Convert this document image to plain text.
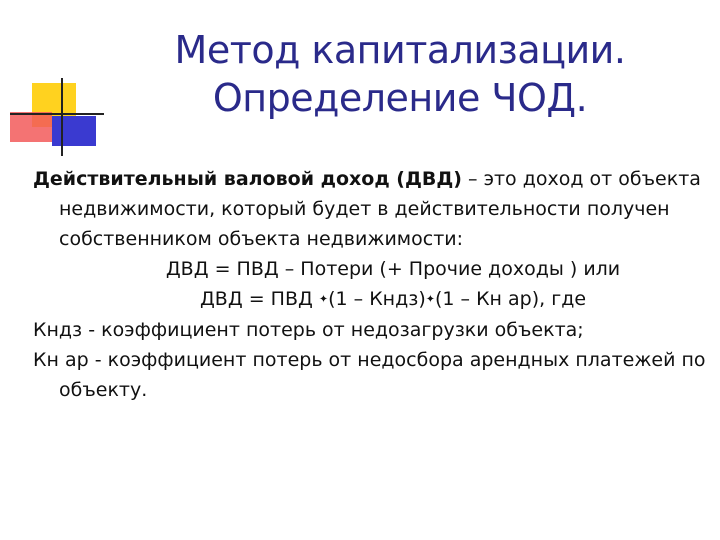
Метод капитализации.
Определение ЧОД.
Действительный валовой доход (ДВД) – это доход от объекта недвижимости, который будет в действительности получен собственником объекта недвижимости:
ДВД = ПВД – Потери (+ Прочие доходы ) или
ДВД = ПВД ✦(1 – Кндз)✦(1 – Кн ар), где
Кндз - коэффициент потерь от недозагрузки объекта;
Кн ар - коэффициент потерь от недосбора арендных платежей по объекту.
